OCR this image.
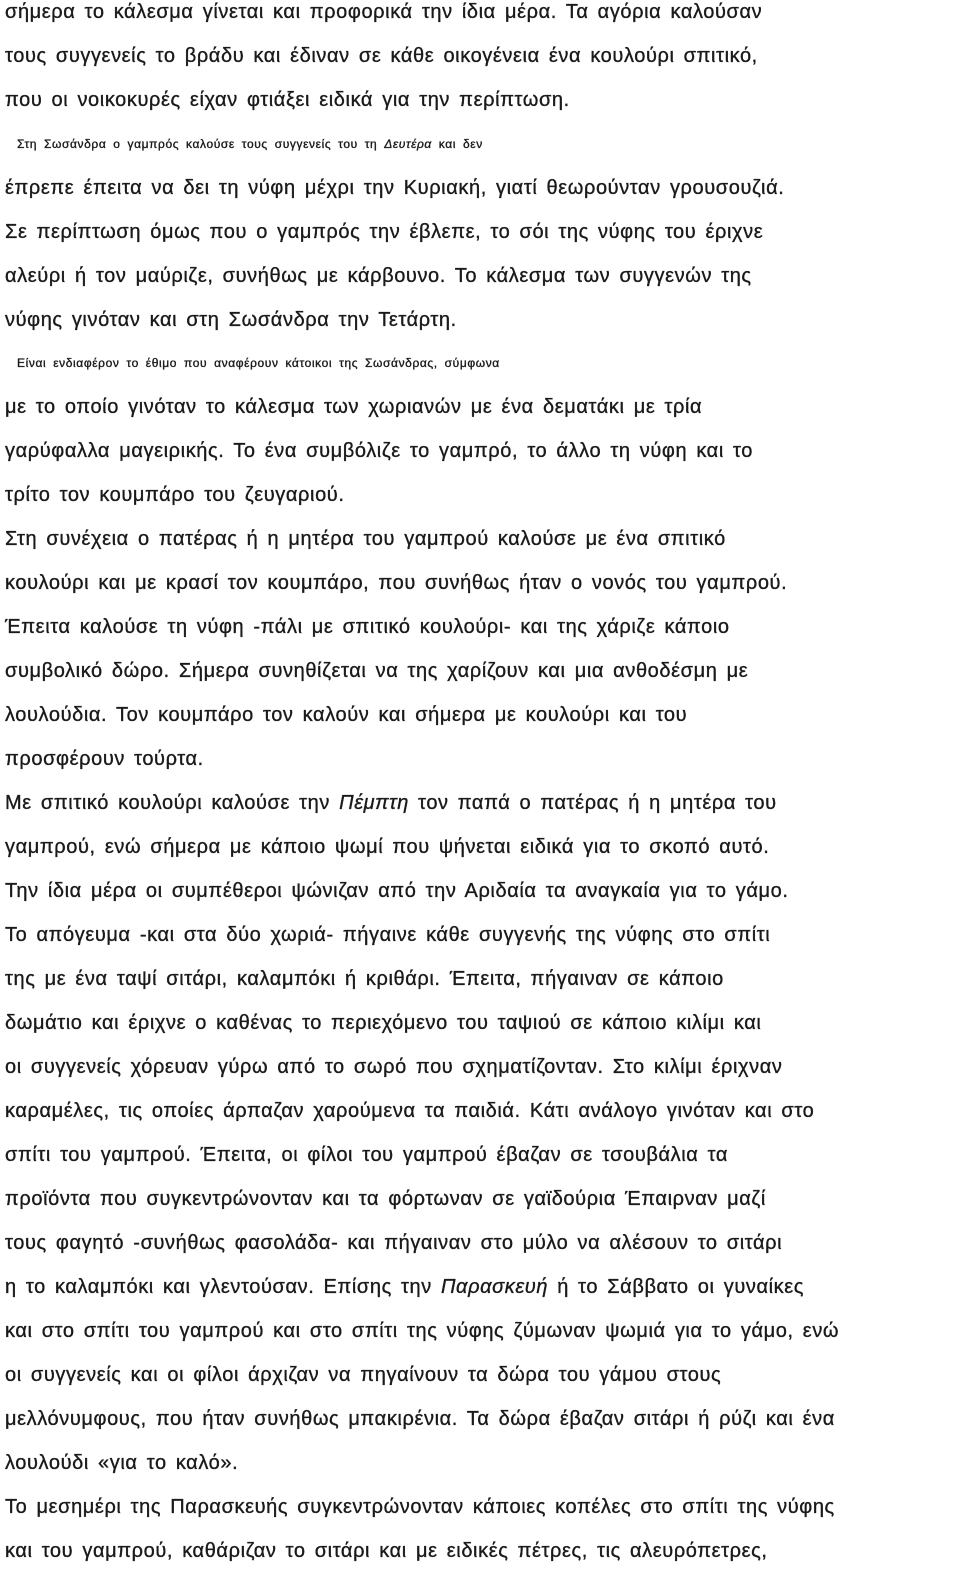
σήμερα το κάλεσμα γίνεται και προφορικά την ίδια μέρα. Τα αγόρια καλούσαν
τους συγγενείς το βράδυ και έδιναν σε κάθε οικογένεια ένα κουλούρι σπιτικό,
που οι νοικοκυρές είχαν φτιάξει ειδικά για την περίπτωση.
Στη Σωσάνδρα ο γαμπρός καλούσε τους συγγενείς του τη Δευτέρα και δεν
έπρεπε έπειτα να δει τη νύφη μέχρι την Κυριακή, γιατί θεωρούνταν γρουσουζιά.
Σε περίπτωση όμως που ο γαμπρός την έβλεπε, το σόι της νύφης του έριχνε
αλεύρι ή τον μαύριζε, συνήθως με κάρβουνο. Το κάλεσμα των συγγενών της
νύφης γινόταν και στη Σωσάνδρα την Τετάρτη.
Είναι ενδιαφέρον το έθιμο που αναφέρουν κάτοικοι της Σωσάνδρας, σύμφωνα
με το οποίο γινόταν το κάλεσμα των χωριανών με ένα δεματάκι με τρία
γαρύφαλλα μαγειρικής. Το ένα συμβόλιζε το γαμπρό, το άλλο τη νύφη και το
τρίτο τον κουμπάρο του ζευγαριού.
Στη συνέχεια ο πατέρας ή η μητέρα του γαμπρού καλούσε με ένα σπιτικό
κουλούρι και με κρασί τον κουμπάρο, που συνήθως ήταν ο νονός του γαμπρού.
Έπειτα καλούσε τη νύφη -πάλι με σπιτικό κουλούρι- και της χάριζε κάποιο
συμβολικό δώρο. Σήμερα συνηθίζεται να της χαρίζουν και μια ανθοδέσμη με
λουλούδια. Τον κουμπάρο τον καλούν και σήμερα με κουλούρι και του
προσφέρουν τούρτα.
Με σπιτικό κουλούρι καλούσε την Πέμπτη τον παπά ο πατέρας ή η μητέρα του
γαμπρού, ενώ σήμερα με κάποιο ψωμί που ψήνεται ειδικά για το σκοπό αυτό.
Την ίδια μέρα οι συμπέθεροι ψώνιζαν από την Αριδαία τα αναγκαία για το γάμο.
Το απόγευμα -και στα δύο χωριά- πήγαινε κάθε συγγενής της νύφης στο σπίτι
της με ένα ταψί σιτάρι, καλαμπόκι ή κριθάρι. Έπειτα, πήγαιναν σε κάποιο
δωμάτιο και έριχνε ο καθένας το περιεχόμενο του ταψιού σε κάποιο κιλίμι και
οι συγγενείς χόρευαν γύρω από το σωρό που σχηματίζονταν. Στο κιλίμι έριχναν
καραμέλες, τις οποίες άρπαζαν χαρούμενα τα παιδιά. Κάτι ανάλογο γινόταν και στο
σπίτι του γαμπρού. Έπειτα, οι φίλοι του γαμπρού έβαζαν σε τσουβάλια τα
προϊόντα που συγκεντρώνονταν και τα φόρτωναν σε γαϊδούρια Έπαιρναν μαζί
τους φαγητό -συνήθως φασολάδα- και πήγαιναν στο μύλο να αλέσουν το σιτάρι
η το καλαμπόκι και γλεντούσαν. Επίσης την Παρασκευή ή το Σάββατο οι γυναίκες
και στο σπίτι του γαμπρού και στο σπίτι της νύφης ζύμωναν ψωμιά για το γάμο, ενώ
οι συγγενείς και οι φίλοι άρχιζαν να πηγαίνουν τα δώρα του γάμου στους
μελλόνυμφους, που ήταν συνήθως μπακιρένια. Τα δώρα έβαζαν σιτάρι ή ρύζι και ένα
λουλούδι «για το καλό».
Το μεσημέρι της Παρασκευής συγκεντρώνονταν κάποιες κοπέλες στο σπίτι της νύφης
και του γαμπρού, καθάριζαν το σιτάρι και με ειδικές πέτρες, τις αλευρόπετρες,
